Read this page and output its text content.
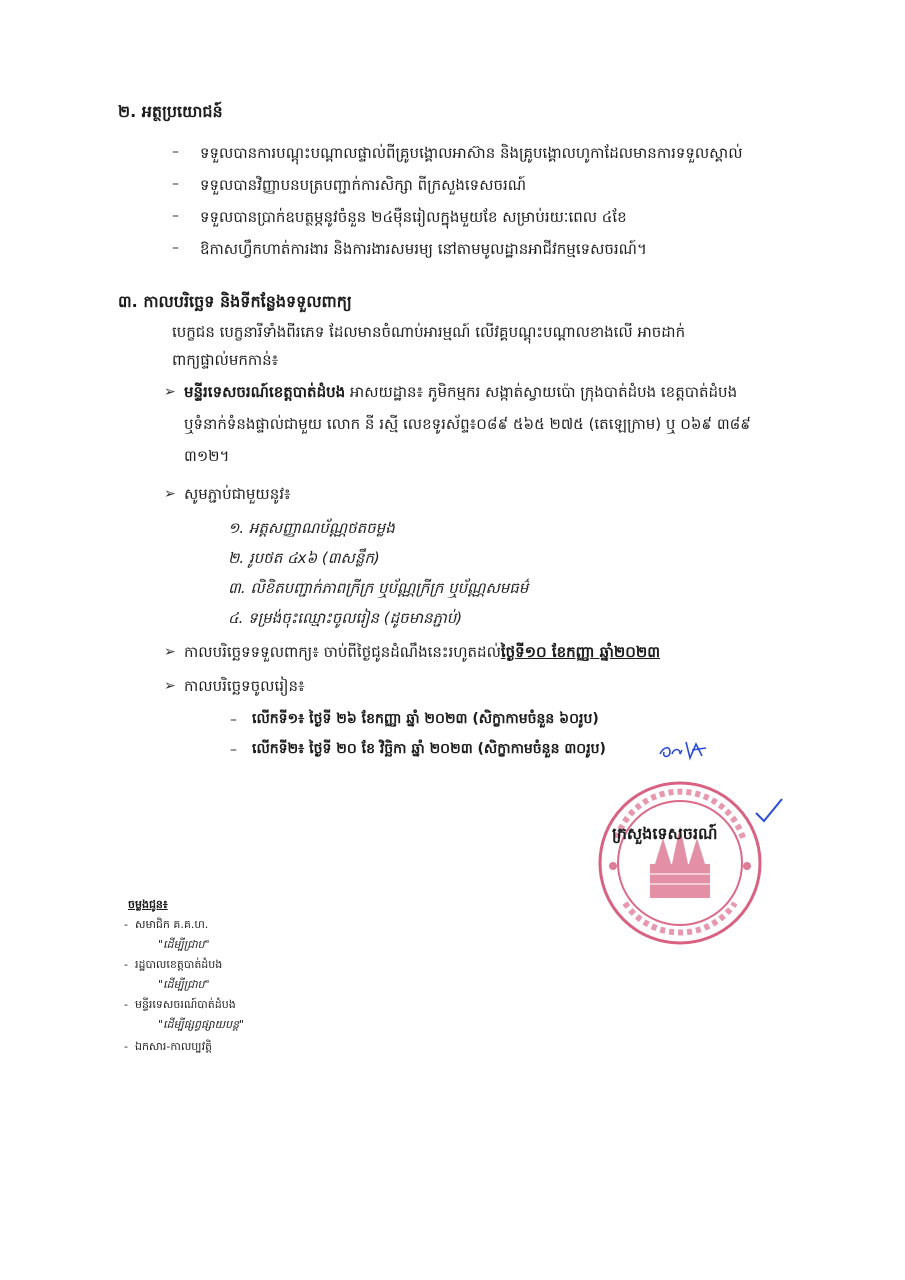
២. អត្ថប្រយោជន៍
– ទទួលបានការបណ្តុះបណ្តាលផ្ទាល់ពីគ្រូបង្គោលអាស៊ាន និងគ្រូបង្គោលហូកាដែលមានការទទួលស្គាល់
– ទទួលបានវិញ្ញាបនបត្របញ្ជាក់ការសិក្សា ពីក្រសួងទេសចរណ៍
– ទទួលបានប្រាក់ឧបត្ថម្ភនូវចំនួន ២៤ម៉ឺនរៀលក្នុងមួយខែ សម្រាប់រយៈពេល ៤ខែ
– ឱកាសហ្វឹកហាត់ការងារ និងការងារសមរម្យ នៅតាមមូលដ្ឋានអាជីវកម្មទេសចរណ៍។
៣. កាលបរិច្ឆេទ និងទីកន្លែងទទួលពាក្យ
បេក្ខជន បេក្ខនារីទាំងពីរភេទ ដែលមានចំណាប់អារម្មណ៍ លើវគ្គបណ្តុះបណ្តាលខាងលើ អាចដាក់
ពាក្យផ្ទាល់មកកាន់៖
➢ មន្ទីរទេសចរណ៍ខេត្តបាត់ដំបង អាសយដ្ឋាន៖ ភូមិកម្មករ សង្កាត់ស្វាយប៉ោ ក្រុងបាត់ដំបង ខេត្តបាត់ដំបង
ឬទំនាក់ទំនងផ្ទាល់ជាមួយ លោក នី រស្មី លេខទូរស័ព្ទ៖០៨៩ ៥៦៥ ២៧៥ (តេឡេក្រាម) ឬ ០៦៩ ៣៨៩
៣១២។
➢ សូមភ្ជាប់ជាមួយនូវ៖
១. អត្តសញ្ញាណប័ណ្ណថតចម្លង
២. រូបថត ៤x៦ (៣សន្លឹក)
៣. លិខិតបញ្ជាក់ភាពក្រីក្រ ឬប័ណ្ណក្រីក្រ ឬប័ណ្ណសមធម៌
៤. ទម្រង់ចុះឈ្មោះចូលរៀន (ដូចមានភ្ជាប់)
➢ កាលបរិច្ឆេទទទួលពាក្យ៖ ចាប់ពីថ្ងៃជូនដំណឹងនេះរហូតដល់ថ្ងៃទី១០ ខែកញ្ញា ឆ្នាំ២០២៣
➢ កាលបរិច្ឆេទចូលរៀន៖
– លើកទី១៖ ថ្ងៃទី ២៦ ខែកញ្ញា ឆ្នាំ ២០២៣ (សិក្ខាកាមចំនួន ៦០រូប)
– លើកទី២៖ ថ្ងៃទី ២០ ខែ វិច្ឆិកា ឆ្នាំ ២០២៣ (សិក្ខាកាមចំនួន ៣០រូប)
ក្រសួងទេសចរណ៍
ចម្លងជូន៖
-  សមាជិក គ.គ.ហ.
"ដើម្បីជ្រាប"
-  រដ្ឋបាលខេត្តបាត់ដំបង
"ដើម្បីជ្រាប"
-  មន្ទីរទេសចរណ៍បាត់ដំបង
"ដើម្បីផ្សព្វផ្សាយបន្ត"
-  ឯកសារ-កាលប្បវត្តិ
